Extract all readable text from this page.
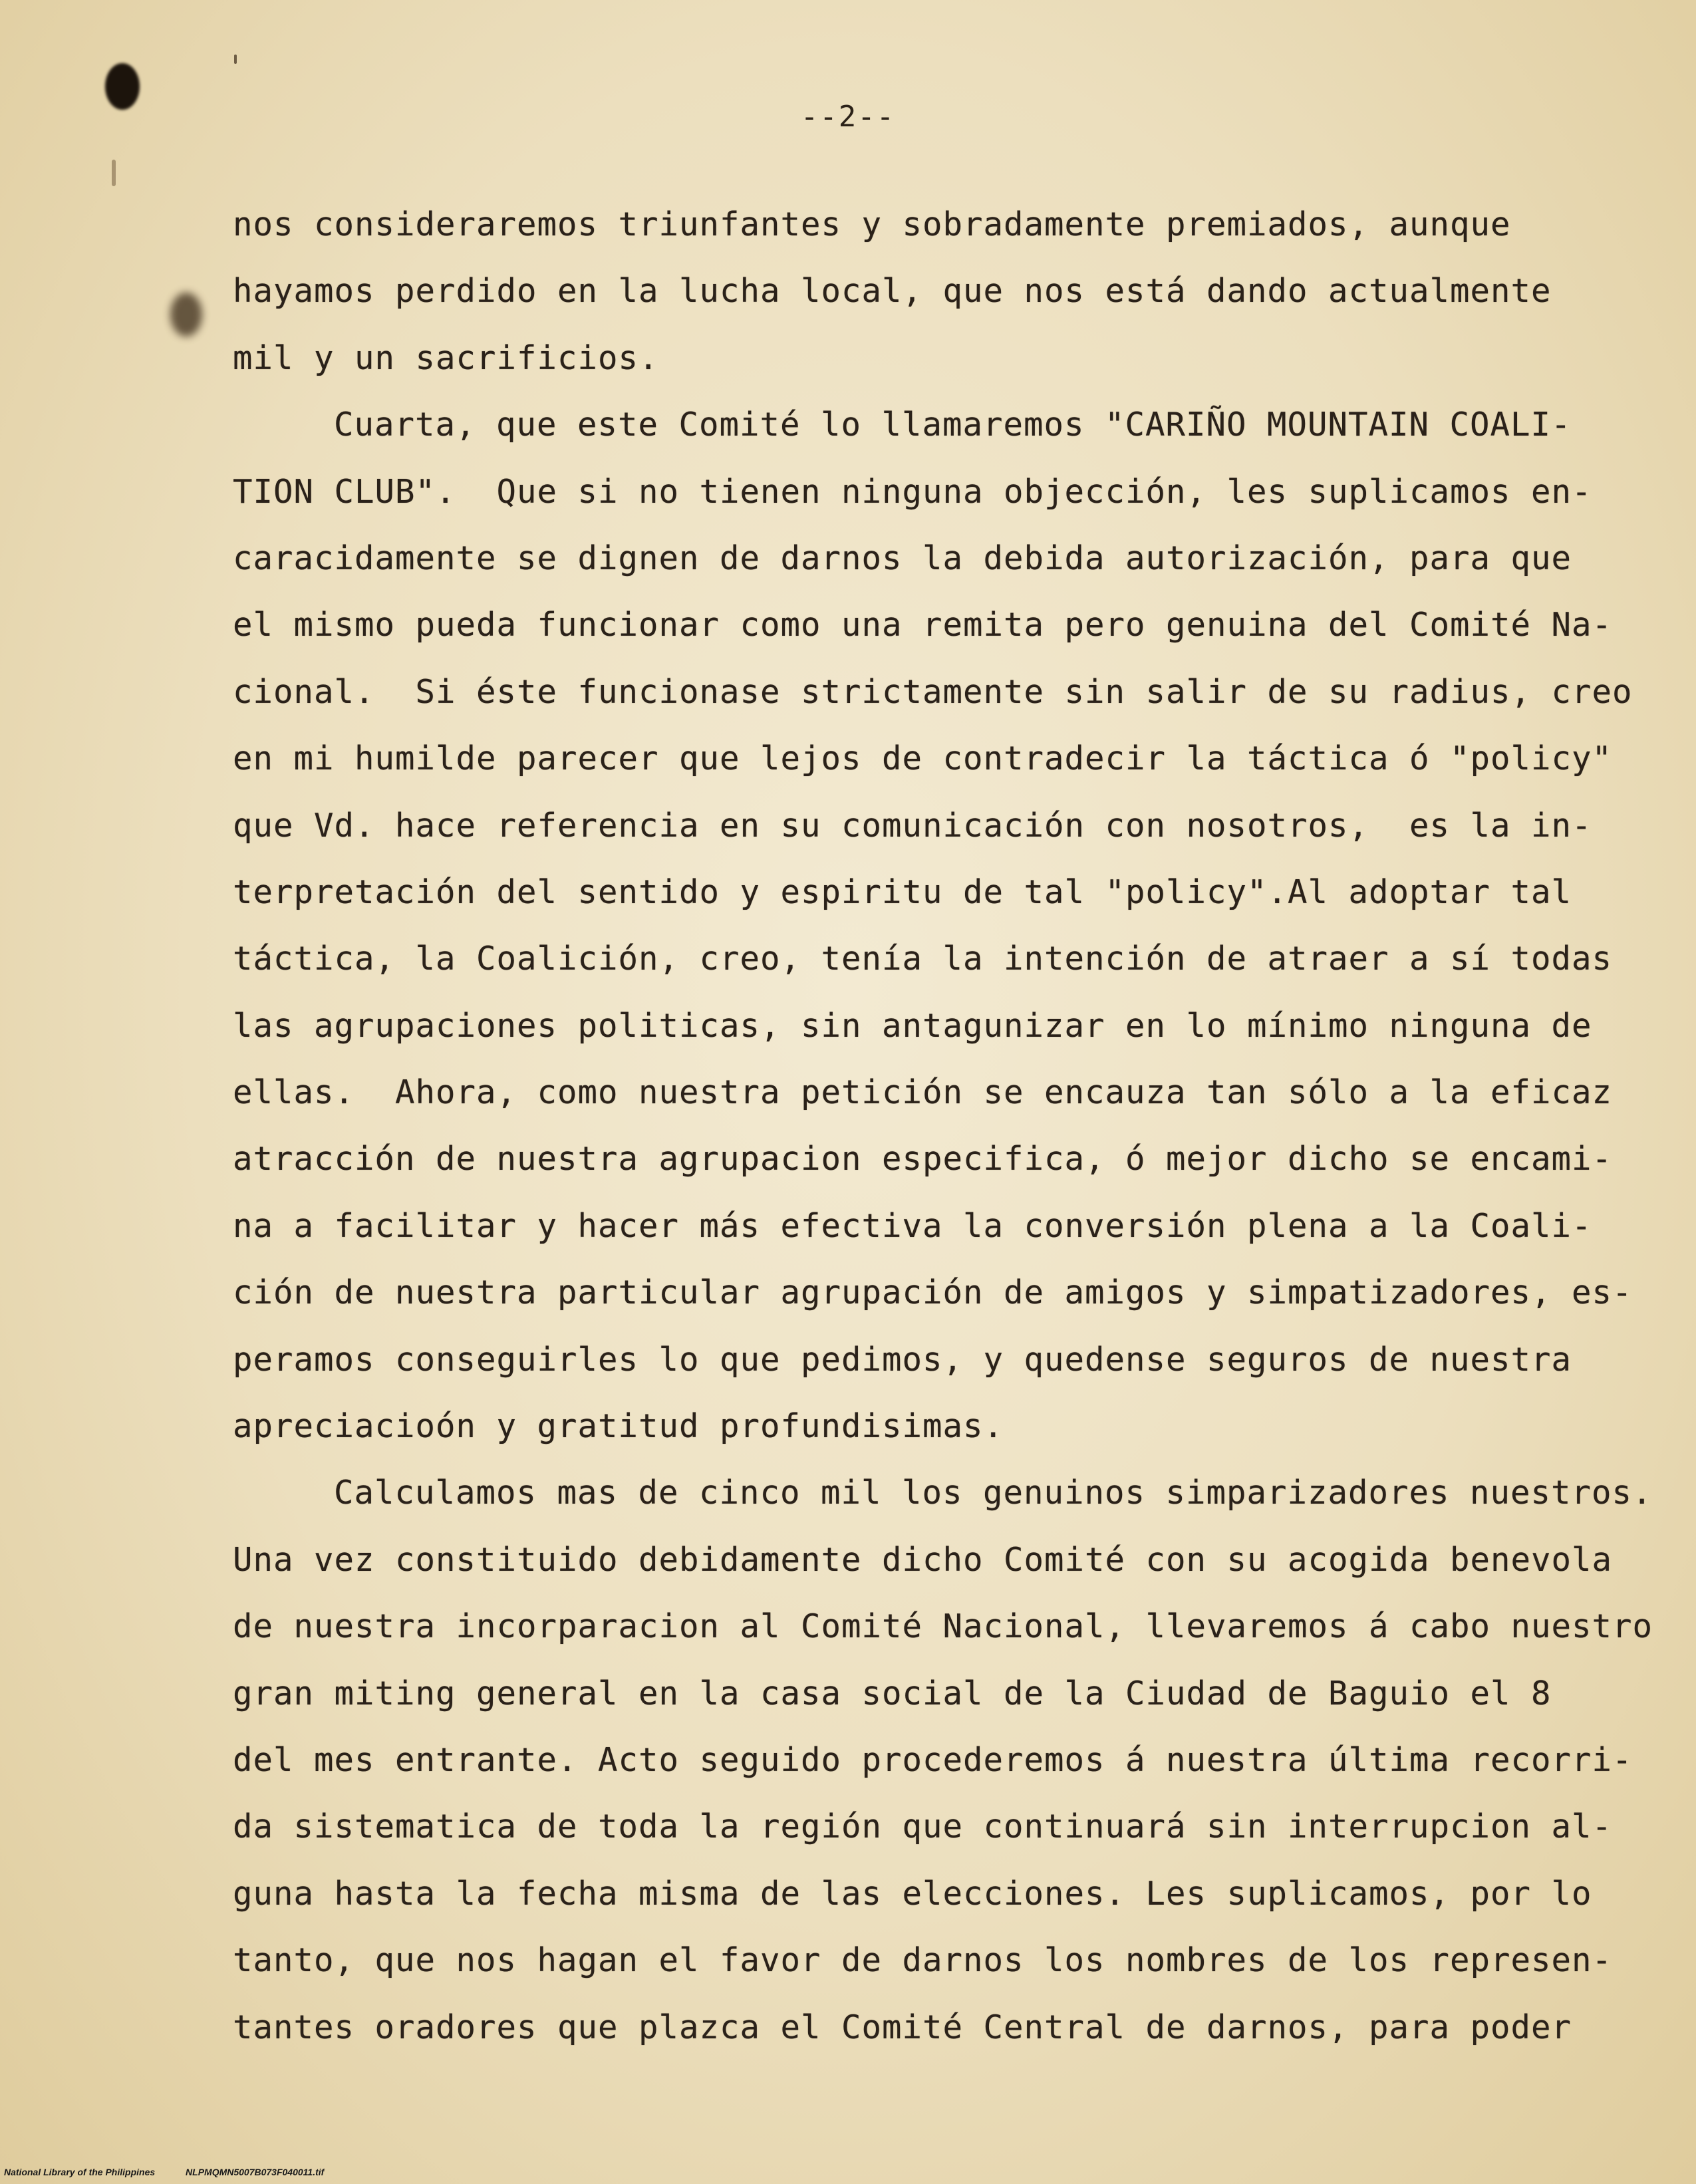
--2--
nos consideraremos triunfantes y sobradamente premiados, aunque
hayamos perdido en la lucha local, que nos está dando actualmente
mil y un sacrificios.
Cuarta, que este Comité lo llamaremos "CARIÑO MOUNTAIN COALI-
TION CLUB".  Que si no tienen ninguna objección, les suplicamos en-
caracidamente se dignen de darnos la debida autorización, para que
el mismo pueda funcionar como una remita pero genuina del Comité Na-
cional.  Si éste funcionase strictamente sin salir de su radius, creo
en mi humilde parecer que lejos de contradecir la táctica ó "policy"
que Vd. hace referencia en su comunicación con nosotros,  es la in-
terpretación del sentido y espiritu de tal "policy".Al adoptar tal
táctica, la Coalición, creo, tenía la intención de atraer a sí todas
las agrupaciones politicas, sin antagunizar en lo mínimo ninguna de
ellas.  Ahora, como nuestra petición se encauza tan sólo a la eficaz
atracción de nuestra agrupacion especifica, ó mejor dicho se encami-
na a facilitar y hacer más efectiva la conversión plena a la Coali-
ción de nuestra particular agrupación de amigos y simpatizadores, es-
peramos conseguirles lo que pedimos, y quedense seguros de nuestra
apreciacioón y gratitud profundisimas.
Calculamos mas de cinco mil los genuinos simparizadores nuestros.
Una vez constituido debidamente dicho Comité con su acogida benevola
de nuestra incorparacion al Comité Nacional, llevaremos á cabo nuestro
gran miting general en la casa social de la Ciudad de Baguio el 8
del mes entrante. Acto seguido procederemos á nuestra última recorri-
da sistematica de toda la región que continuará sin interrupcion al-
guna hasta la fecha misma de las elecciones. Les suplicamos, por lo
tanto, que nos hagan el favor de darnos los nombres de los represen-
tantes oradores que plazca el Comité Central de darnos, para poder
National Library of the Philippines	NLPMQMN5007B073F040011.tif
